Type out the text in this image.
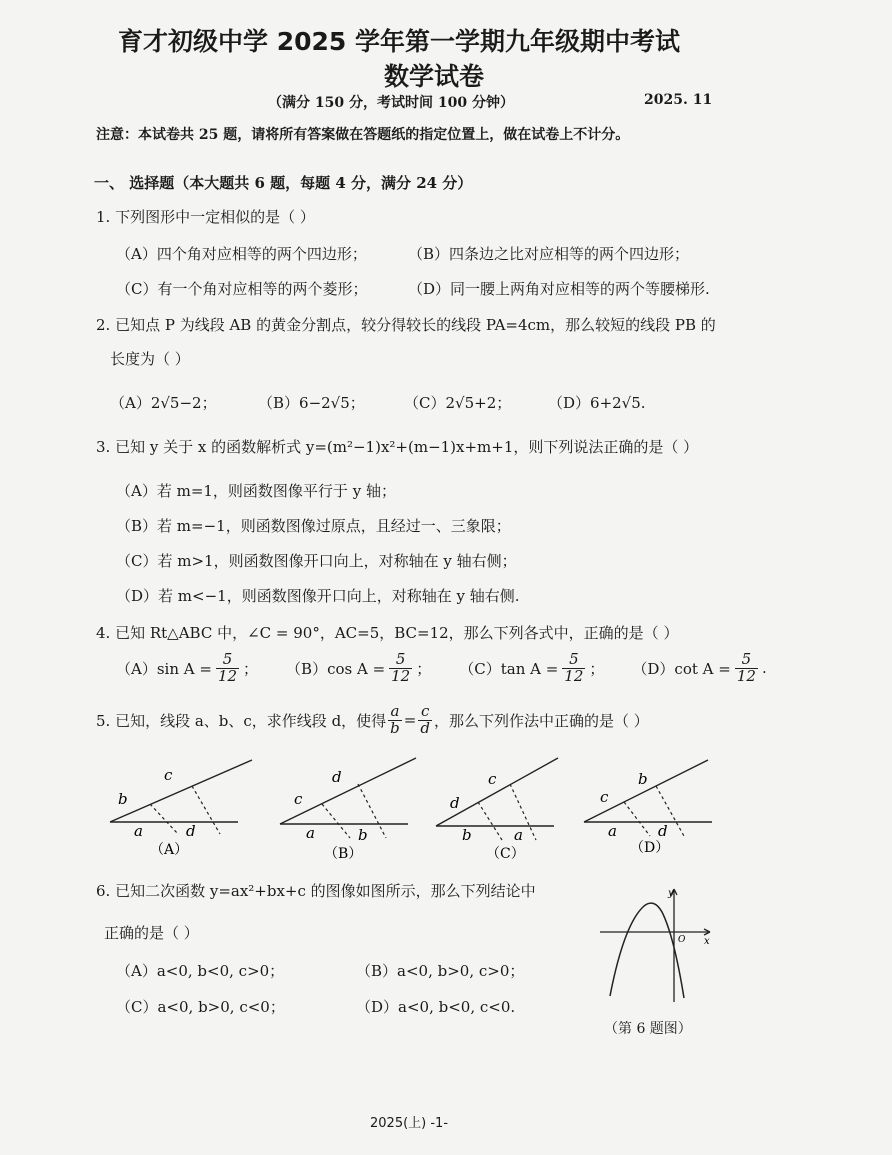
育才初级中学 2025 学年第一学期九年级期中考试
数学试卷
（满分 150 分，考试时间 100 分钟）	2025. 11
注意：本试卷共 25 题，请将所有答案做在答题纸的指定位置上，做在试卷上不计分。
一、 选择题（本大题共 6 题，每题 4 分，满分 24 分）
1. 下列图形中一定相似的是（ ）
（A）四个角对应相等的两个四边形；	（B）四条边之比对应相等的两个四边形；
（C）有一个角对应相等的两个菱形；	（D）同一腰上两角对应相等的两个等腰梯形.
2. 已知点 P 为线段 AB 的黄金分割点，较分得较长的线段 PA=4cm，那么较短的线段 PB 的
长度为（ ）
（A）2√5−2；	（B）6−2√5；	（C）2√5+2； （D）6+2√5.
3. 已知 y 关于 x 的函数解析式 y=(m²−1)x²+(m−1)x+m+1，则下列说法正确的是（ ）
（A）若 m=1，则函数图像平行于 y 轴；
（B）若 m=−1，则函数图像过原点，且经过一、三象限；
（C）若 m>1，则函数图像开口向上，对称轴在 y 轴右侧；
（D）若 m<−1，则函数图像开口向上，对称轴在 y 轴右侧.
4. 已知 Rt△ABC 中，∠C = 90°，AC=5，BC=12，那么下列各式中，正确的是（ ）
（A）sin $A = \frac{5}{12}$ ； （B）cos $A = \frac{5}{12}$ ； （C）tan $A = \frac{5}{12}$ ； （D）cot $A = \frac{5}{12}$ .
5. 已知，线段 a、b、c，求作线段 d，使得 $\frac{a}{b} = \frac{c}{d}$ ，那么下列作法中正确的是（ ）
b
c
a	d
（A）
c
d
a	b
（B）
d
c
b	a
（C）
c
b
a	d
（D）
6. 已知二次函数 y=ax²+bx+c 的图像如图所示，那么下列结论中
正确的是（ ）
（A）a<0, b<0, c>0；	（B）a<0, b>0, c>0；
（C）a<0, b>0, c<0；	（D）a<0, b<0, c<0.
y
O x
（第 6 题图）
2025(上) -1-
